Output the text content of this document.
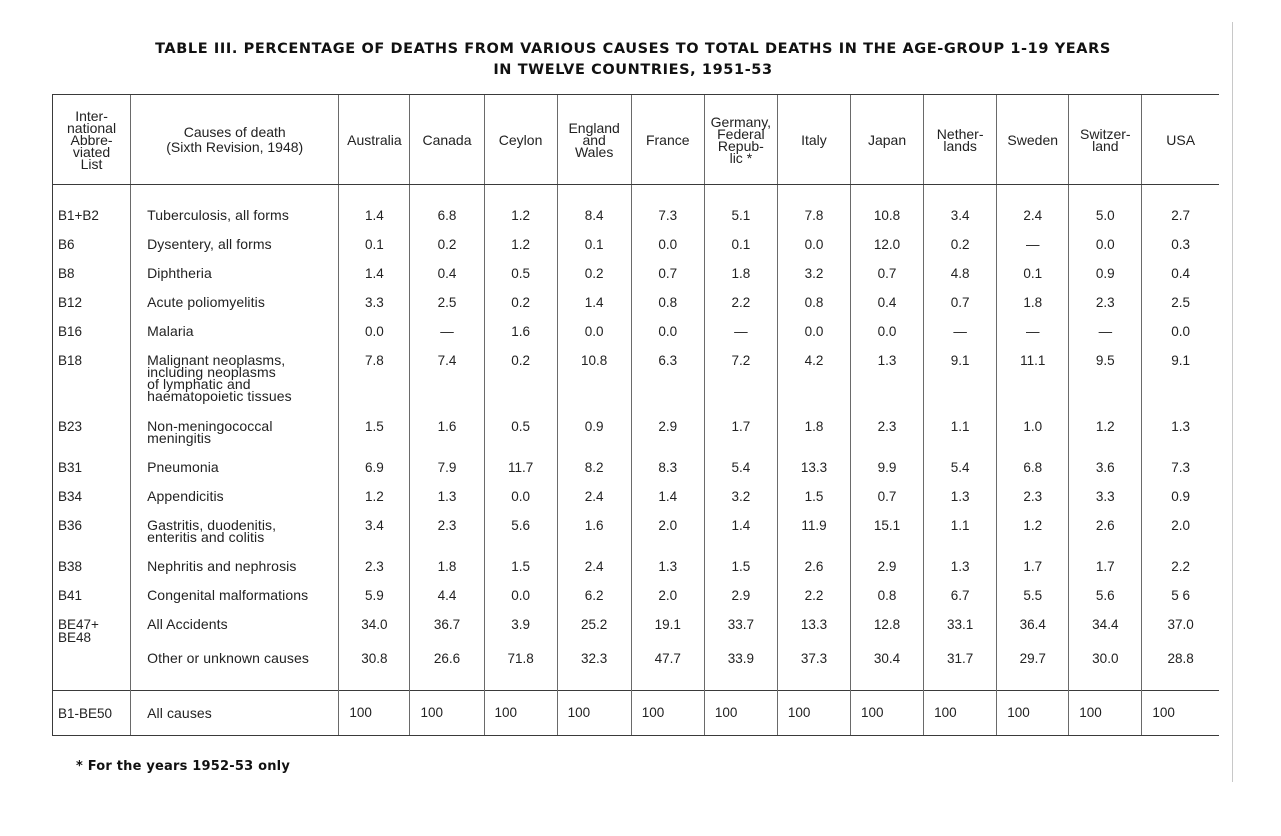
TABLE III. PERCENTAGE OF DEATHS FROM VARIOUS CAUSES TO TOTAL DEATHS IN THE AGE-GROUP 1-19 YEARS
IN TWELVE COUNTRIES, 1951-53
Inter-
national
Abbre-
viated
List	Causes of death
(Sixth Revision, 1948)	Australia	Canada	Ceylon	England
and
Wales	France	Germany,
Federal
Repub-
lic *	Italy	Japan	Nether-
lands	Sweden	Switzer-
land	USA

B1+B2	Tuberculosis, all forms	1.4	6.8	1.2	8.4	7.3	5.1	7.8	10.8	3.4	2.4	5.0	2.7
B6	Dysentery, all forms	0.1	0.2	1.2	0.1	0.0	0.1	0.0	12.0	0.2	—	0.0	0.3
B8	Diphtheria	1.4	0.4	0.5	0.2	0.7	1.8	3.2	0.7	4.8	0.1	0.9	0.4
B12	Acute poliomyelitis	3.3	2.5	0.2	1.4	0.8	2.2	0.8	0.4	0.7	1.8	2.3	2.5
B16	Malaria	0.0	—	1.6	0.0	0.0	—	0.0	0.0	—	—	—	0.0
B18	Malignant neoplasms,
including neoplasms
of lymphatic and
haematopoietic tissues	7.8	7.4	0.2	10.8	6.3	7.2	4.2	1.3	9.1	11.1	9.5	9.1
B23	Non-meningococcal
meningitis	1.5	1.6	0.5	0.9	2.9	1.7	1.8	2.3	1.1	1.0	1.2	1.3
B31	Pneumonia	6.9	7.9	11.7	8.2	8.3	5.4	13.3	9.9	5.4	6.8	3.6	7.3
B34	Appendicitis	1.2	1.3	0.0	2.4	1.4	3.2	1.5	0.7	1.3	2.3	3.3	0.9
B36	Gastritis, duodenitis,
enteritis and colitis	3.4	2.3	5.6	1.6	2.0	1.4	11.9	15.1	1.1	1.2	2.6	2.0
B38	Nephritis and nephrosis	2.3	1.8	1.5	2.4	1.3	1.5	2.6	2.9	1.3	1.7	1.7	2.2
B41	Congenital malformations	5.9	4.4	0.0	6.2	2.0	2.9	2.2	0.8	6.7	5.5	5.6	5 6
BE47+
BE48	All Accidents	34.0	36.7	3.9	25.2	19.1	33.7	13.3	12.8	33.1	36.4	34.4	37.0
	Other or unknown causes	30.8	26.6	71.8	32.3	47.7	33.9	37.3	30.4	31.7	29.7	30.0	28.8
B1-BE50	All causes	100	100	100	100	100	100	100	100	100	100	100	100
* For the years 1952-53 only
